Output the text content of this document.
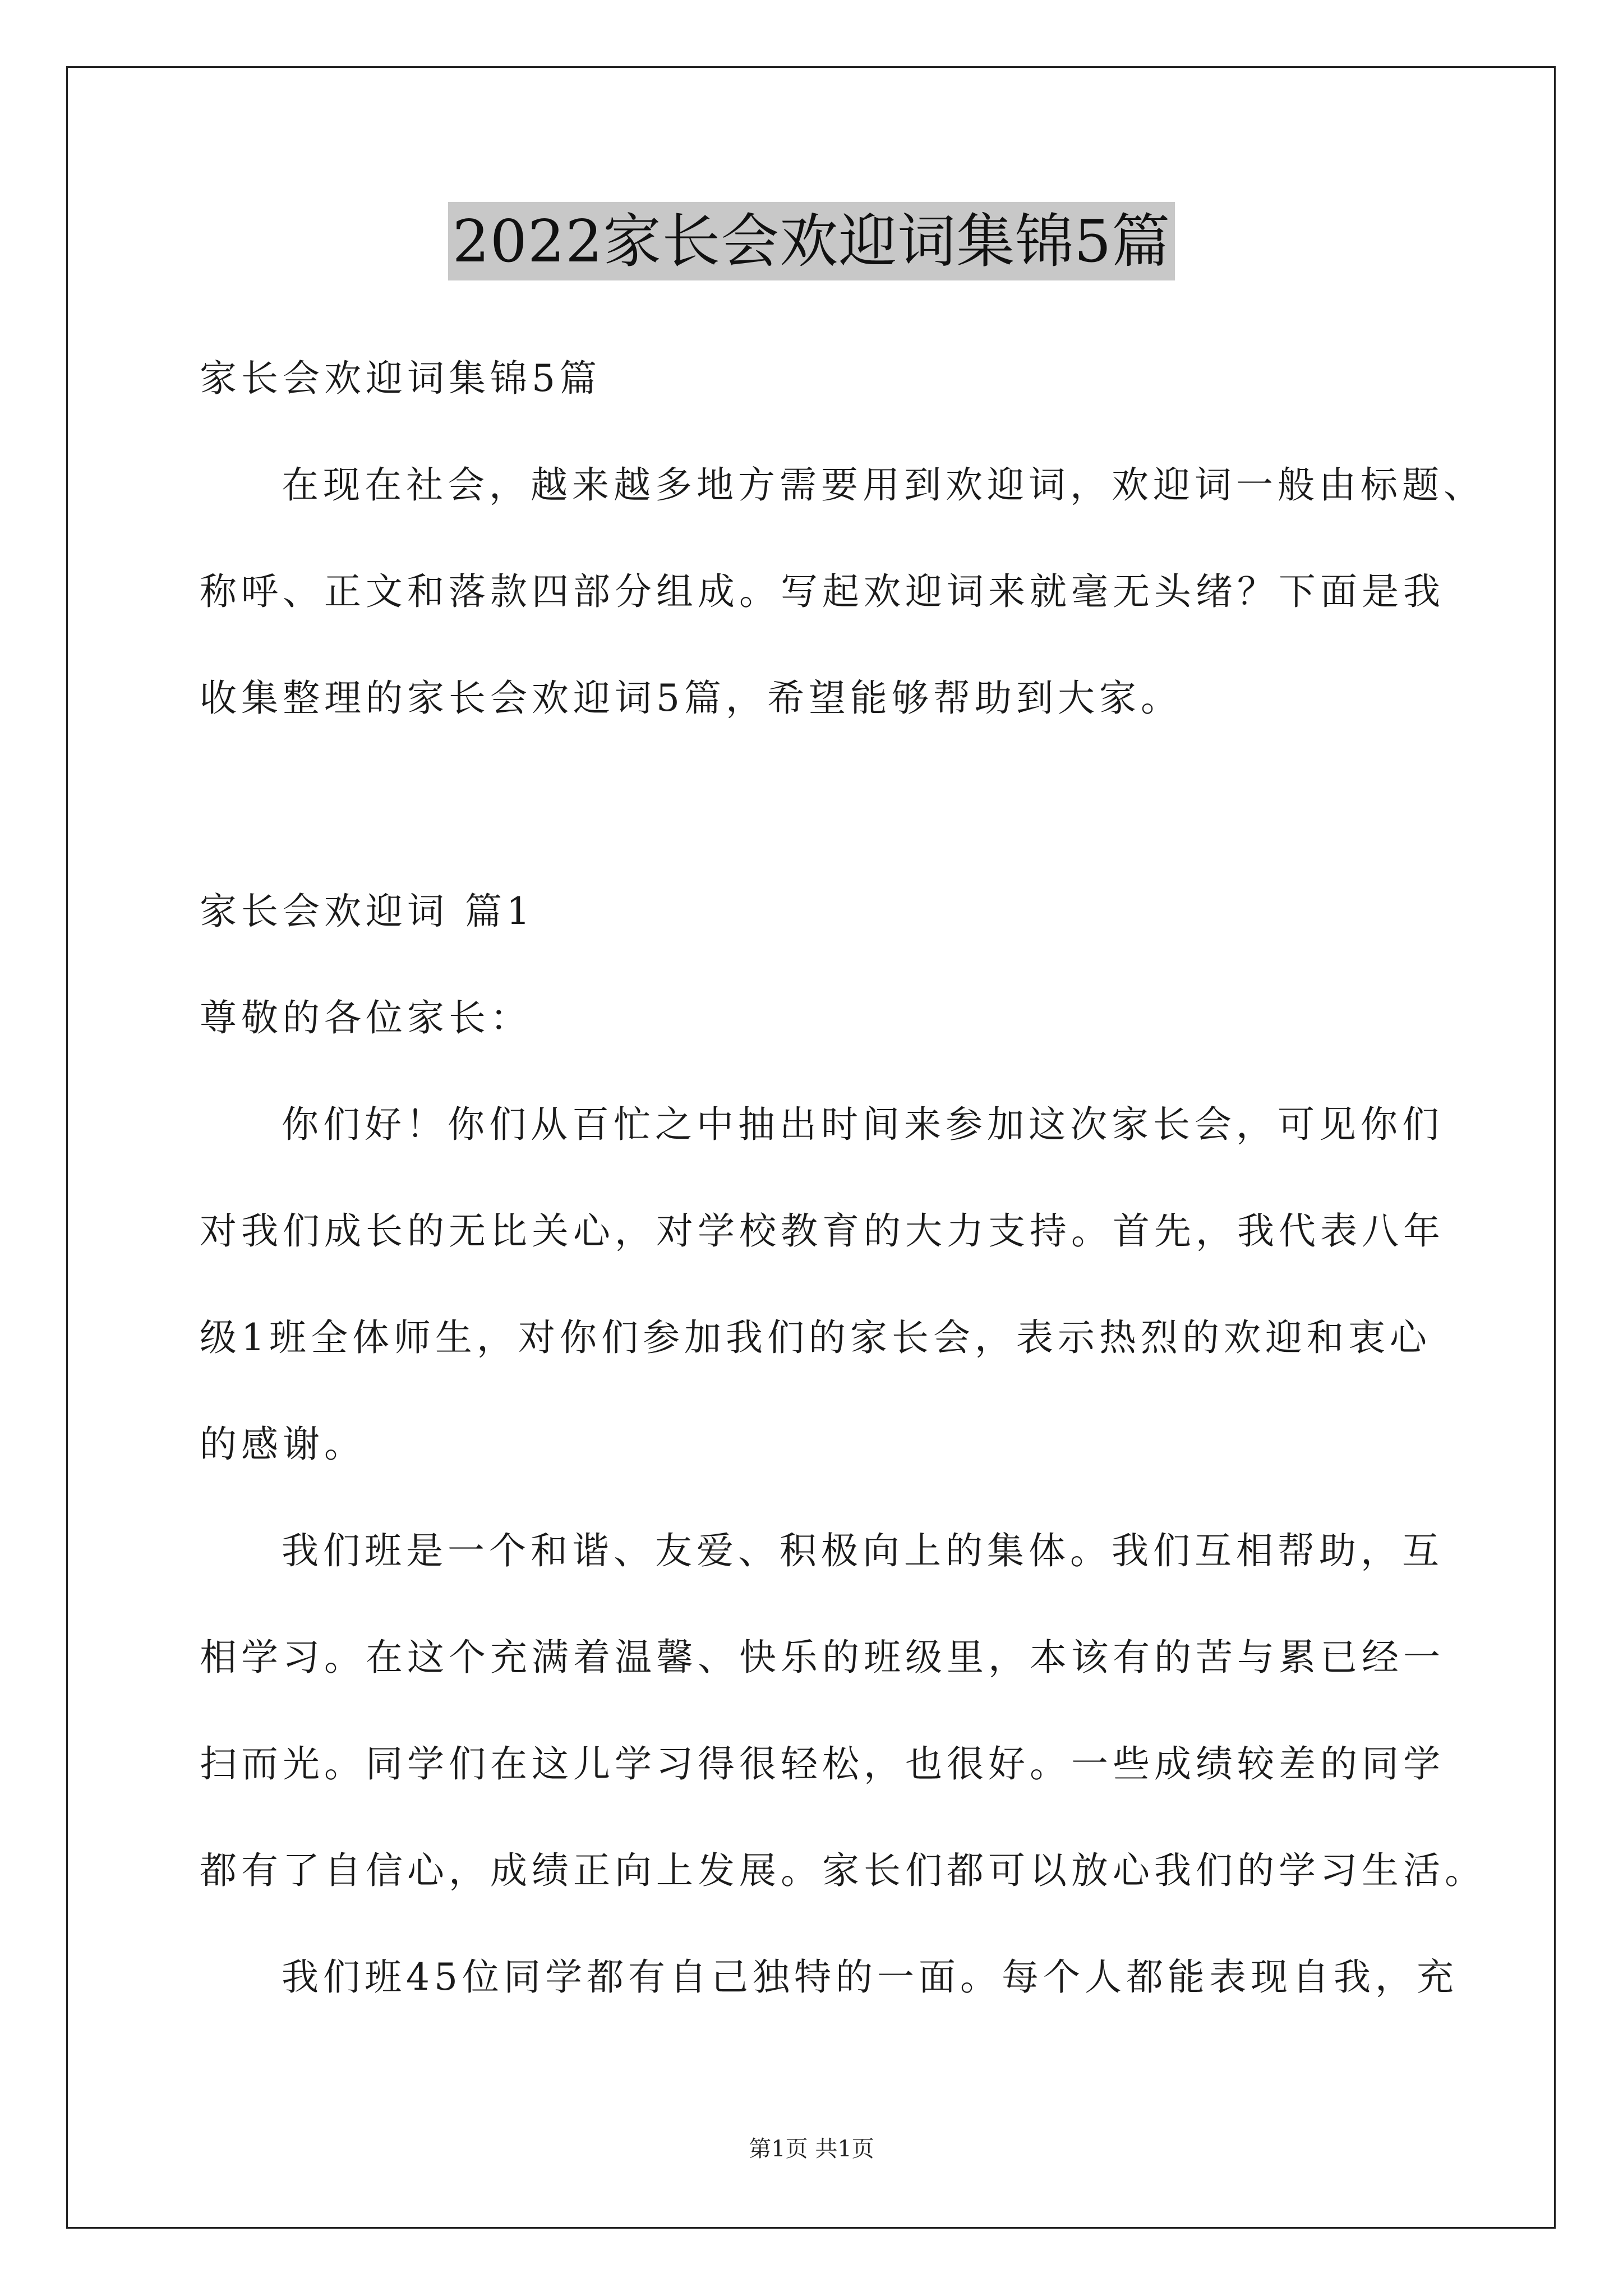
2022家长会欢迎词集锦5篇
家长会欢迎词集锦5篇
在现在社会，越来越多地方需要用到欢迎词，欢迎词一般由标题、
称呼、正文和落款四部分组成。写起欢迎词来就毫无头绪？下面是我
收集整理的家长会欢迎词5篇，希望能够帮助到大家。
家长会欢迎词 篇1
尊敬的各位家长：
你们好！你们从百忙之中抽出时间来参加这次家长会，可见你们
对我们成长的无比关心，对学校教育的大力支持。首先，我代表八年
级1班全体师生，对你们参加我们的家长会，表示热烈的欢迎和衷心
的感谢。
我们班是一个和谐、友爱、积极向上的集体。我们互相帮助，互
相学习。在这个充满着温馨、快乐的班级里，本该有的苦与累已经一
扫而光。同学们在这儿学习得很轻松，也很好。一些成绩较差的同学
都有了自信心，成绩正向上发展。家长们都可以放心我们的学习生活。
我们班45位同学都有自己独特的一面。每个人都能表现自我，充
第1页 共1页
